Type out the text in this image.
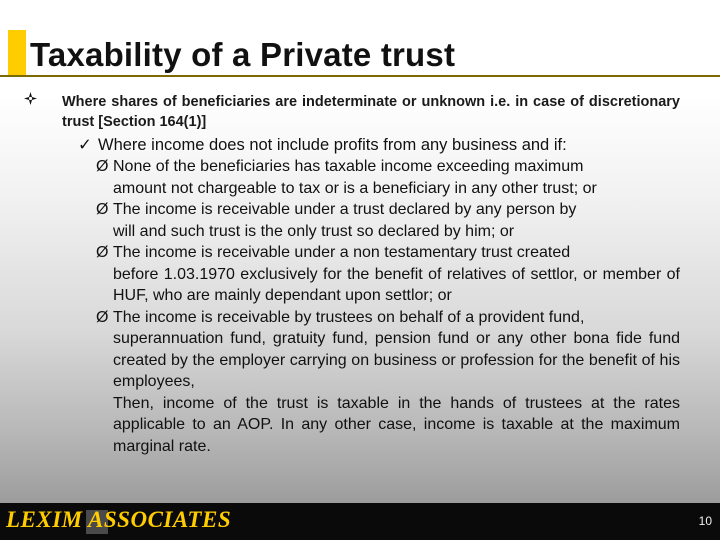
Taxability of a Private trust

Where shares of beneficiaries are indeterminate or unknown i.e. in case of discretionary trust [Section 164(1)]

✓ Where income does not include profits from any business and if:
Ø None of the beneficiaries has taxable income exceeding maximum
amount not chargeable to tax or is a beneficiary in any other trust; or
Ø The income is receivable under a trust declared by any person by
will and such trust is the only trust so declared by him; or
Ø The income is receivable under a non testamentary trust created
before 1.03.1970 exclusively for the benefit of relatives of settlor, or member of HUF, who are mainly dependant upon settlor; or
Ø The income is receivable by trustees on behalf of a provident fund,
superannuation fund, gratuity fund, pension fund or any other bona fide fund created by the employer carrying on business or profession for the benefit of his employees,

Then, income of the trust is taxable in the hands of trustees at the rates applicable to an AOP. In any other case, income is taxable at the maximum marginal rate.

LEXIM ASSOCIATES	10
